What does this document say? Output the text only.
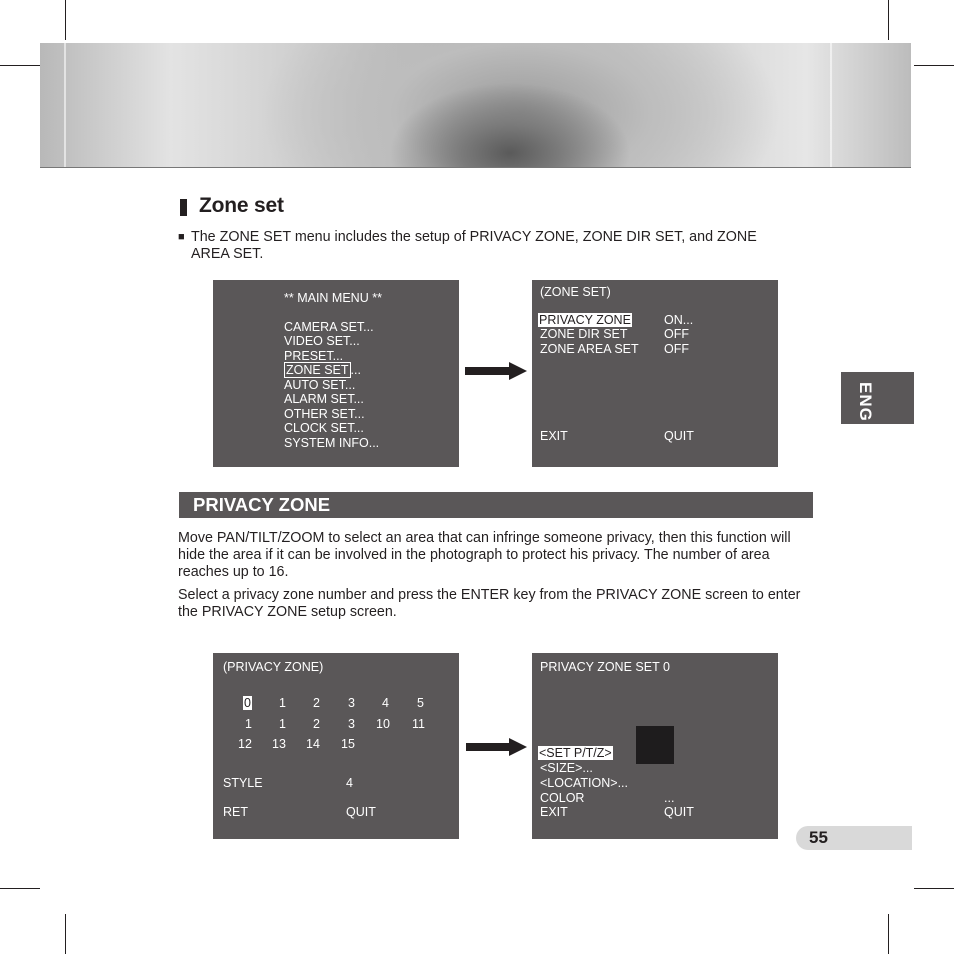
Zone set
■ The ZONE SET menu includes the setup of PRIVACY ZONE, ZONE DIR SET, and ZONE AREA SET.
** MAIN MENU **
CAMERA SET...
VIDEO SET...
PRESET...
ZONE SET ...
AUTO SET...
ALARM SET...
OTHER SET...
CLOCK SET...
SYSTEM INFO...
(ZONE SET)
PRIVACY ZONE	ON...
ZONE DIR SET	OFF
ZONE AREA SET OFF
EXIT	QUIT
ENG
PRIVACY ZONE
Move PAN/TILT/ZOOM to select an area that can infringe someone privacy, then this function will hide the area if it can be involved in the photograph to protect his privacy. The number of area reaches up to 16.
Select a privacy zone number and press the ENTER key from the PRIVACY ZONE screen to enter the PRIVACY ZONE setup screen.
(PRIVACY ZONE)
0 1 2 3 4 5
1 1 2 3 10 11
12 13 14 15
STYLE	4
RET	QUIT
PRIVACY ZONE SET 0
<SET P/T/Z>
<SIZE>...
<LOCATION>...
COLOR	...
EXIT	QUIT
55
